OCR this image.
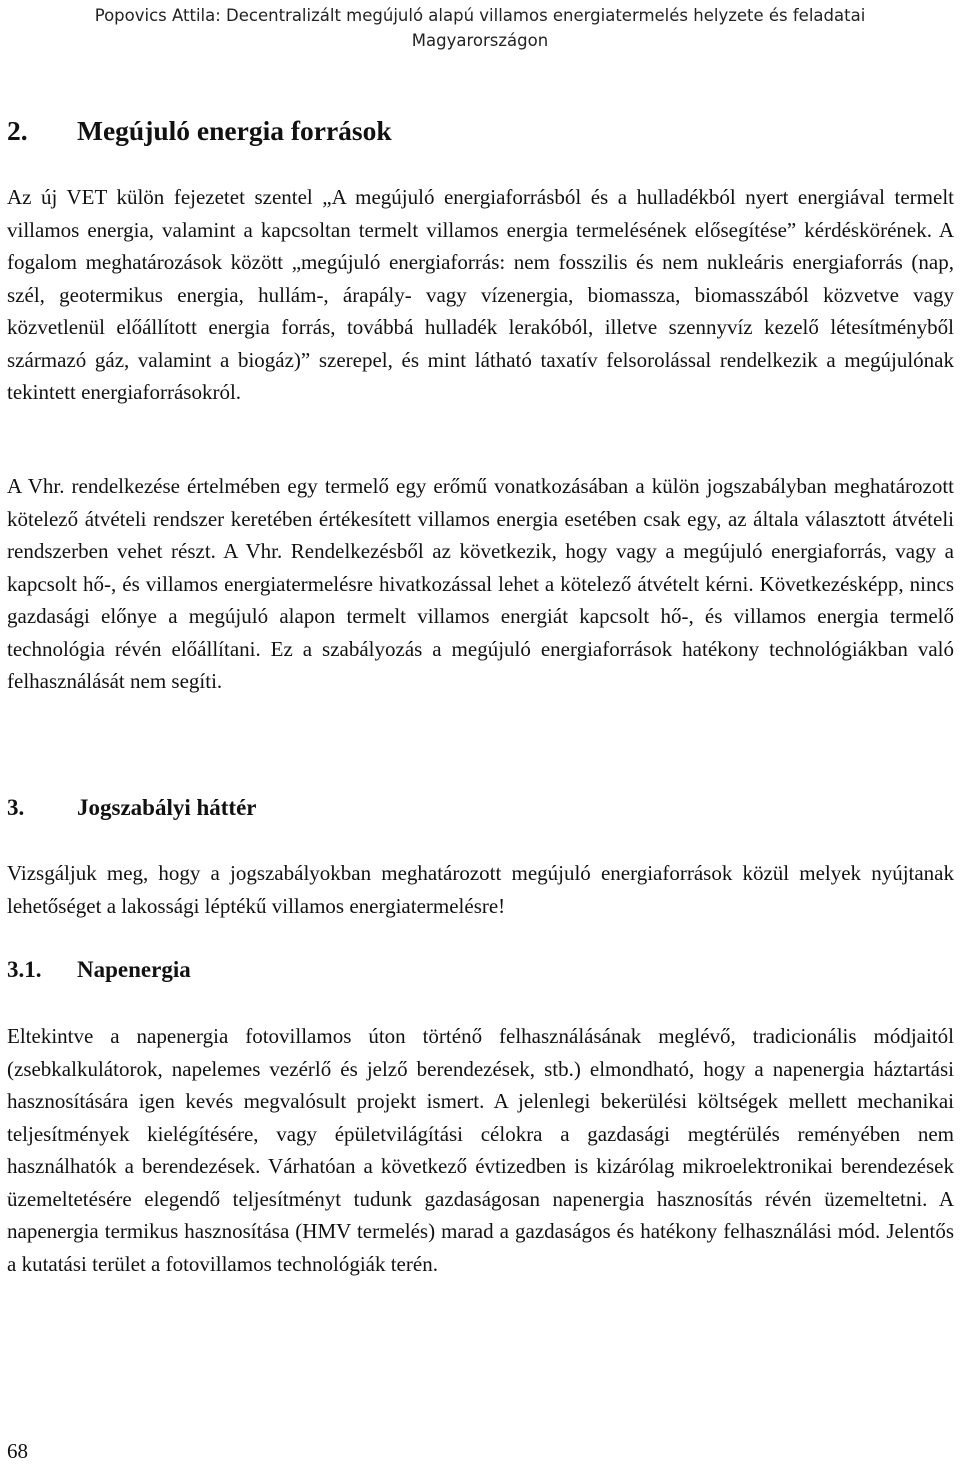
Popovics Attila: Decentralizált megújuló alapú villamos energiatermelés helyzete és feladatai
Magyarországon
2. Megújuló energia források

Az új VET külön fejezetet szentel „A megújuló energiaforrásból és a hulladékból nyert energiával termelt villamos energia, valamint a kapcsoltan termelt villamos energia termelésének elősegítése” kérdéskörének. A fogalom meghatározások között „megújuló energiaforrás: nem fosszilis és nem nukleáris energiaforrás (nap, szél, geotermikus energia, hullám-, árapály- vagy vízenergia, biomassza, biomasszából közvetve vagy közvetlenül előállított energia forrás, továbbá hulladék lerakóból, illetve szennyvíz kezelő létesítményből származó gáz, valamint a biogáz)” szerepel, és mint látható taxatív felsorolással rendelkezik a megújulónak tekintett energiaforrásokról.

A Vhr. rendelkezése értelmében egy termelő egy erőmű vonatkozásában a külön jogszabályban meghatározott kötelező átvételi rendszer keretében értékesített villamos energia esetében csak egy, az általa választott átvételi rendszerben vehet részt. A Vhr. Rendelkezésből az következik, hogy vagy a megújuló energiaforrás, vagy a kapcsolt hő-, és villamos energiatermelésre hivatkozással lehet a kötelező átvételt kérni. Következésképp, nincs gazdasági előnye a megújuló alapon termelt villamos energiát kapcsolt hő-, és villamos energia termelő technológia révén előállítani. Ez a szabályozás a megújuló energiaforrások hatékony technológiákban való felhasználását nem segíti.

3. Jogszabályi háttér

Vizsgáljuk meg, hogy a jogszabályokban meghatározott megújuló energiaforrások közül melyek nyújtanak lehetőséget a lakossági léptékű villamos energiatermelésre!

3.1. Napenergia

Eltekintve a napenergia fotovillamos úton történő felhasználásának meglévő, tradicionális módjaitól (zsebkalkulátorok, napelemes vezérlő és jelző berendezések, stb.) elmondható, hogy a napenergia háztartási hasznosítására igen kevés megvalósult projekt ismert. A jelenlegi bekerülési költségek mellett mechanikai teljesítmények kielégítésére, vagy épületvilágítási célokra a gazdasági megtérülés reményében nem használhatók a berendezések. Várhatóan a következő évtizedben is kizárólag mikroelektronikai berendezések üzemeltetésére elegendő teljesítményt tudunk gazdaságosan napenergia hasznosítás révén üzemeltetni. A napenergia termikus hasznosítása (HMV termelés) marad a gazdaságos és hatékony felhasználási mód. Jelentős a kutatási terület a fotovillamos technológiák terén.

68
